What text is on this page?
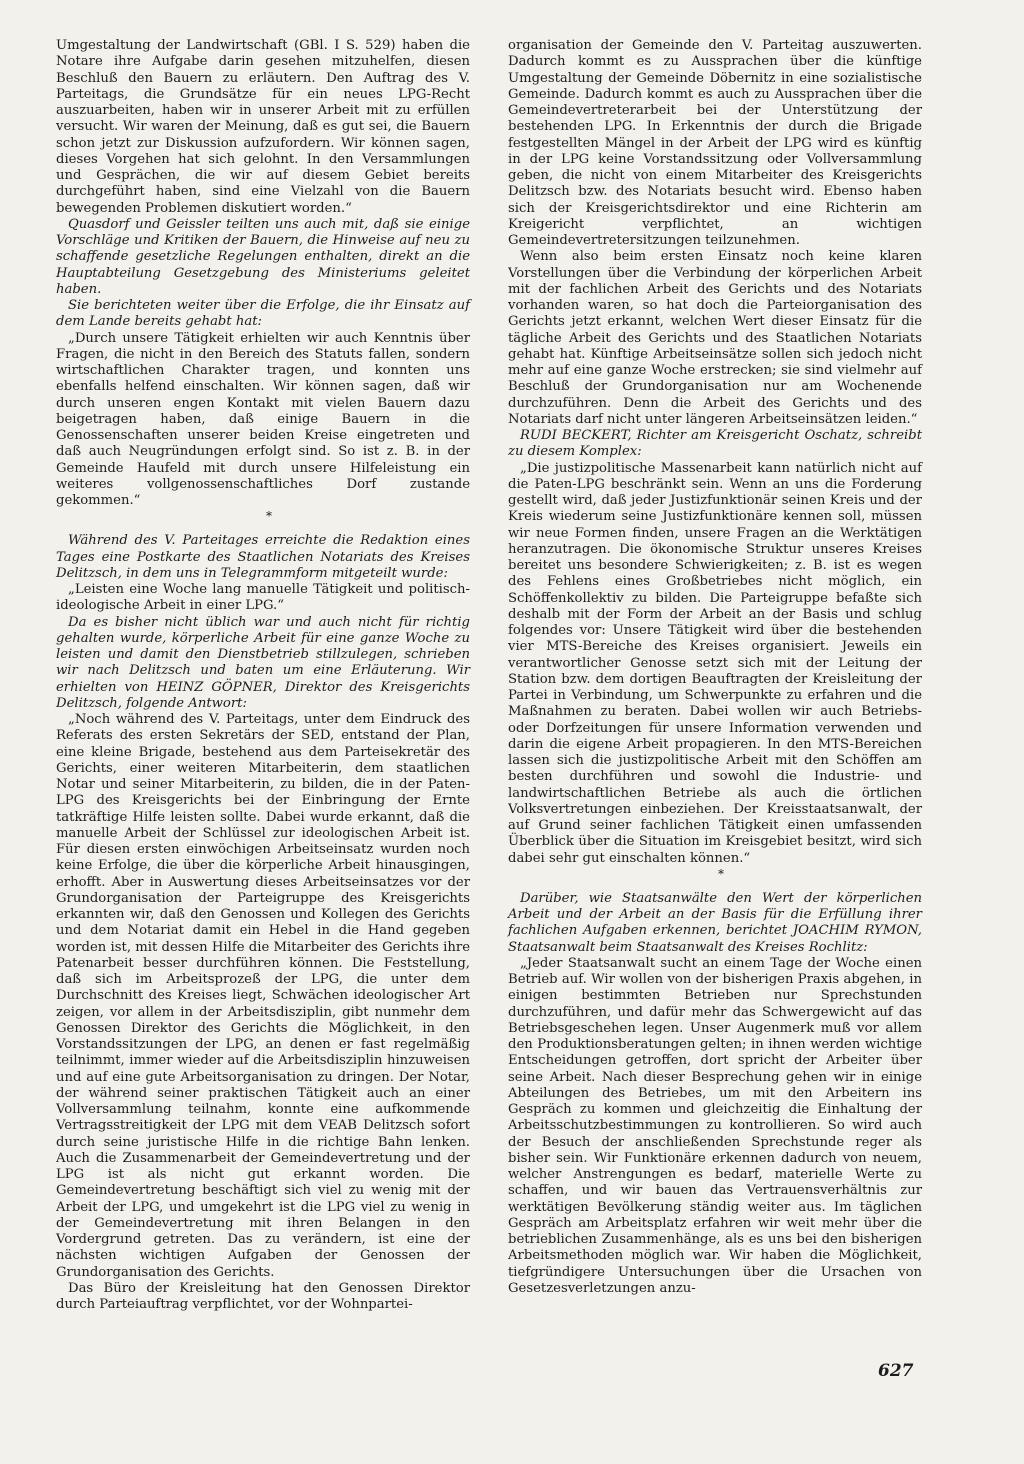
Umgestaltung der Landwirtschaft (GBl. I S. 529) haben die Notare ihre Aufgabe darin gesehen mitzuhelfen, diesen Beschluß den Bauern zu erläutern. Den Auftrag des V. Parteitags, die Grundsätze für ein neues LPG-Recht auszuarbeiten, haben wir in unserer Arbeit mit zu erfüllen versucht. Wir waren der Meinung, daß es gut sei, die Bauern schon jetzt zur Diskussion aufzufordern. Wir können sagen, dieses Vorgehen hat sich gelohnt. In den Versammlungen und Gesprächen, die wir auf diesem Gebiet bereits durchgeführt haben, sind eine Vielzahl von die Bauern bewegenden Problemen diskutiert worden.“

Quasdorf und Geissler teilten uns auch mit, daß sie einige Vorschläge und Kritiken der Bauern, die Hinweise auf neu zu schaffende gesetzliche Regelungen enthalten, direkt an die Hauptabteilung Gesetzgebung des Ministeriums geleitet haben.

Sie berichteten weiter über die Erfolge, die ihr Einsatz auf dem Lande bereits gehabt hat:

„Durch unsere Tätigkeit erhielten wir auch Kenntnis über Fragen, die nicht in den Bereich des Statuts fallen, sondern wirtschaftlichen Charakter tragen, und konnten uns ebenfalls helfend einschalten. Wir können sagen, daß wir durch unseren engen Kontakt mit vielen Bauern dazu beigetragen haben, daß einige Bauern in die Genossenschaften unserer beiden Kreise eingetreten und daß auch Neugründungen erfolgt sind. So ist z. B. in der Gemeinde Haufeld mit durch unsere Hilfeleistung ein weiteres vollgenossenschaftliches Dorf zustande gekommen.“

*

Während des V. Parteitages erreichte die Redaktion eines Tages eine Postkarte des Staatlichen Notariats des Kreises Delitzsch, in dem uns in Telegrammform mitgeteilt wurde:

„Leisten eine Woche lang manuelle Tätigkeit und politisch-ideologische Arbeit in einer LPG.“

Da es bisher nicht üblich war und auch nicht für richtig gehalten wurde, körperliche Arbeit für eine ganze Woche zu leisten und damit den Dienstbetrieb stillzulegen, schrieben wir nach Delitzsch und baten um eine Erläuterung. Wir erhielten von HEINZ GÖPNER, Direktor des Kreisgerichts Delitzsch, folgende Antwort:

„Noch während des V. Parteitags, unter dem Eindruck des Referats des ersten Sekretärs der SED, entstand der Plan, eine kleine Brigade, bestehend aus dem Parteisekretär des Gerichts, einer weiteren Mitarbeiterin, dem staatlichen Notar und seiner Mitarbeiterin, zu bilden, die in der Paten-LPG des Kreisgerichts bei der Einbringung der Ernte tatkräftige Hilfe leisten sollte. Dabei wurde erkannt, daß die manuelle Arbeit der Schlüssel zur ideologischen Arbeit ist. Für diesen ersten einwöchigen Arbeitseinsatz wurden noch keine Erfolge, die über die körperliche Arbeit hinausgingen, erhofft. Aber in Auswertung dieses Arbeitseinsatzes vor der Grundorganisation der Parteigruppe des Kreisgerichts erkannten wir, daß den Genossen und Kollegen des Gerichts und dem Notariat damit ein Hebel in die Hand gegeben worden ist, mit dessen Hilfe die Mitarbeiter des Gerichts ihre Patenarbeit besser durchführen können. Die Feststellung, daß sich im Arbeitsprozeß der LPG, die unter dem Durchschnitt des Kreises liegt, Schwächen ideologischer Art zeigen, vor allem in der Arbeitsdisziplin, gibt nunmehr dem Genossen Direktor des Gerichts die Möglichkeit, in den Vorstandssitzungen der LPG, an denen er fast regelmäßig teilnimmt, immer wieder auf die Arbeitsdisziplin hinzuweisen und auf eine gute Arbeitsorganisation zu dringen. Der Notar, der während seiner praktischen Tätigkeit auch an einer Vollversammlung teilnahm, konnte eine aufkommende Vertragsstreitigkeit der LPG mit dem VEAB Delitzsch sofort durch seine juristische Hilfe in die richtige Bahn lenken. Auch die Zusammenarbeit der Gemeindevertretung und der LPG ist als nicht gut erkannt worden. Die Gemeindevertretung beschäftigt sich viel zu wenig mit der Arbeit der LPG, und umgekehrt ist die LPG viel zu wenig in der Gemeindevertretung mit ihren Belangen in den Vordergrund getreten. Das zu verändern, ist eine der nächsten wichtigen Aufgaben der Genossen der Grundorganisation des Gerichts.

Das Büro der Kreisleitung hat den Genossen Direktor durch Parteiauftrag verpflichtet, vor der Wohnpartei-

organisation der Gemeinde den V. Parteitag auszuwerten. Dadurch kommt es zu Aussprachen über die künftige Umgestaltung der Gemeinde Döbernitz in eine sozialistische Gemeinde. Dadurch kommt es auch zu Aussprachen über die Gemeindevertreterarbeit bei der Unterstützung der bestehenden LPG. In Erkenntnis der durch die Brigade festgestellten Mängel in der Arbeit der LPG wird es künftig in der LPG keine Vorstandssitzung oder Vollversammlung geben, die nicht von einem Mitarbeiter des Kreisgerichts Delitzsch bzw. des Notariats besucht wird. Ebenso haben sich der Kreisgerichtsdirektor und eine Richterin am Kreigericht verpflichtet, an wichtigen Gemeindevertretersitzungen teilzunehmen.

Wenn also beim ersten Einsatz noch keine klaren Vorstellungen über die Verbindung der körperlichen Arbeit mit der fachlichen Arbeit des Gerichts und des Notariats vorhanden waren, so hat doch die Parteiorganisation des Gerichts jetzt erkannt, welchen Wert dieser Einsatz für die tägliche Arbeit des Gerichts und des Staatlichen Notariats gehabt hat. Künftige Arbeitseinsätze sollen sich jedoch nicht mehr auf eine ganze Woche erstrecken; sie sind vielmehr auf Beschluß der Grundorganisation nur am Wochenende durchzuführen. Denn die Arbeit des Gerichts und des Notariats darf nicht unter längeren Arbeitseinsätzen leiden.“

RUDI BECKERT, Richter am Kreisgericht Oschatz, schreibt zu diesem Komplex:

„Die justizpolitische Massenarbeit kann natürlich nicht auf die Paten-LPG beschränkt sein. Wenn an uns die Forderung gestellt wird, daß jeder Justizfunktionär seinen Kreis und der Kreis wiederum seine Justizfunktionäre kennen soll, müssen wir neue Formen finden, unsere Fragen an die Werktätigen heranzutragen. Die ökonomische Struktur unseres Kreises bereitet uns besondere Schwierigkeiten; z. B. ist es wegen des Fehlens eines Großbetriebes nicht möglich, ein Schöffenkollektiv zu bilden. Die Parteigruppe befaßte sich deshalb mit der Form der Arbeit an der Basis und schlug folgendes vor: Unsere Tätigkeit wird über die bestehenden vier MTS-Bereiche des Kreises organisiert. Jeweils ein verantwortlicher Genosse setzt sich mit der Leitung der Station bzw. dem dortigen Beauftragten der Kreisleitung der Partei in Verbindung, um Schwerpunkte zu erfahren und die Maßnahmen zu beraten. Dabei wollen wir auch Betriebs- oder Dorfzeitungen für unsere Information verwenden und darin die eigene Arbeit propagieren. In den MTS-Bereichen lassen sich die justizpolitische Arbeit mit den Schöffen am besten durchführen und sowohl die Industrie- und landwirtschaftlichen Betriebe als auch die örtlichen Volksvertretungen einbeziehen. Der Kreisstaatsanwalt, der auf Grund seiner fachlichen Tätigkeit einen umfassenden Überblick über die Situation im Kreisgebiet besitzt, wird sich dabei sehr gut einschalten können.“

*

Darüber, wie Staatsanwälte den Wert der körperlichen Arbeit und der Arbeit an der Basis für die Erfüllung ihrer fachlichen Aufgaben erkennen, berichtet JOACHIM RYMON, Staatsanwalt beim Staatsanwalt des Kreises Rochlitz:

„Jeder Staatsanwalt sucht an einem Tage der Woche einen Betrieb auf. Wir wollen von der bisherigen Praxis abgehen, in einigen bestimmten Betrieben nur Sprechstunden durchzuführen, und dafür mehr das Schwergewicht auf das Betriebsgeschehen legen. Unser Augenmerk muß vor allem den Produktionsberatungen gelten; in ihnen werden wichtige Entscheidungen getroffen, dort spricht der Arbeiter über seine Arbeit. Nach dieser Besprechung gehen wir in einige Abteilungen des Betriebes, um mit den Arbeitern ins Gespräch zu kommen und gleichzeitig die Einhaltung der Arbeitsschutzbestimmungen zu kontrollieren. So wird auch der Besuch der anschließenden Sprechstunde reger als bisher sein. Wir Funktionäre erkennen dadurch von neuem, welcher Anstrengungen es bedarf, materielle Werte zu schaffen, und wir bauen das Vertrauensverhältnis zur werktätigen Bevölkerung ständig weiter aus. Im täglichen Gespräch am Arbeitsplatz erfahren wir weit mehr über die betrieblichen Zusammenhänge, als es uns bei den bisherigen Arbeitsmethoden möglich war. Wir haben die Möglichkeit, tiefgründigere Untersuchungen über die Ursachen von Gesetzesverletzungen anzu-

627
